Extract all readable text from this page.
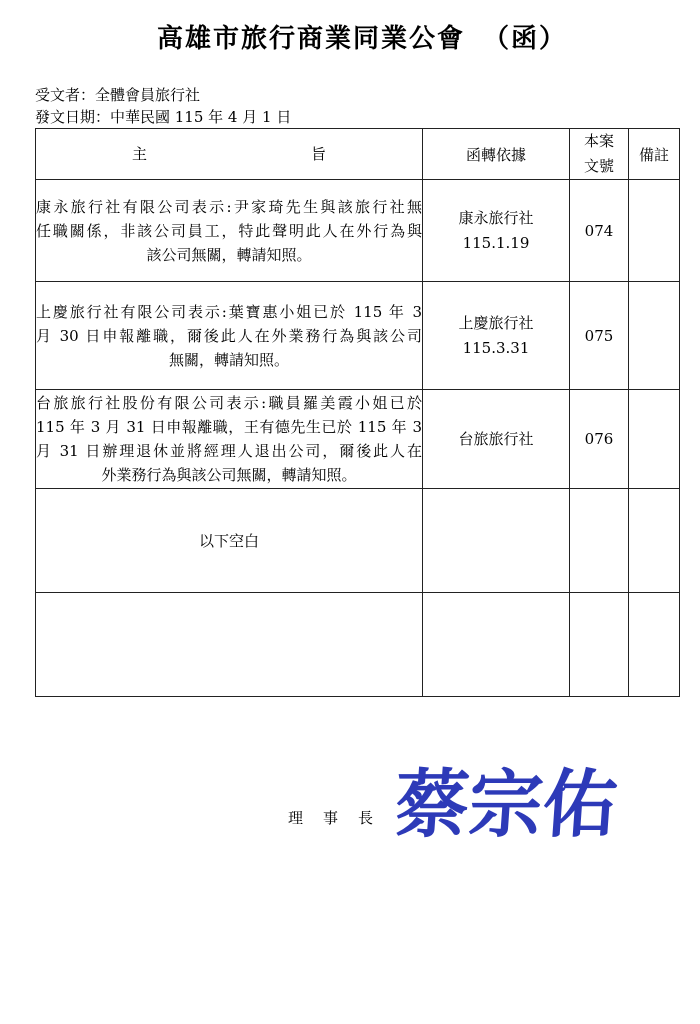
高雄市旅行商業同業公會 （函）
受文者：全體會員旅行社
發文日期：中華民國 115 年 4 月 1 日
主 旨	函轉依據	本案
文號	備註

康永旅行社有限公司表示:尹家琦先生與該旅行社無
任職關係，非該公司員工，特此聲明此人在外行為與
該公司無關，轉請知照。	康永旅行社
115.1.19	074	

上慶旅行社有限公司表示:葉寶惠小姐已於 115 年 3
月 30 日申報離職，爾後此人在外業務行為與該公司
無關，轉請知照。	上慶旅行社
115.3.31	075	

台旅旅行社股份有限公司表示:職員羅美霞小姐已於
115 年 3 月 31 日申報離職，王有德先生已於 115 年 3
月 31 日辦理退休並將經理人退出公司，爾後此人在
外業務行為與該公司無關，轉請知照。	台旅旅行社	076	
以下空白			

理　事　長 蔡宗佑
